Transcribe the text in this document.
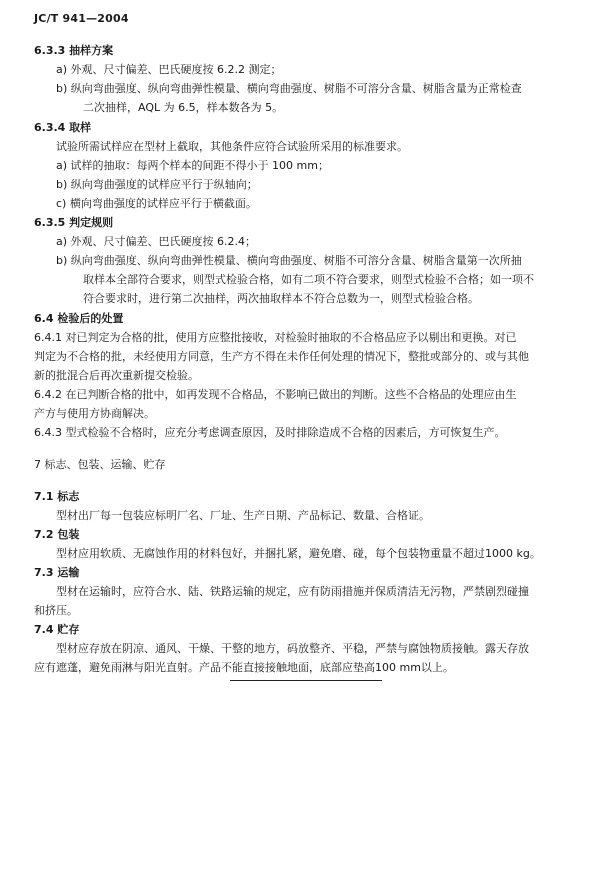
JC/T 941—2004
6.3.3 抽样方案
a) 外观、尺寸偏差、巴氏硬度按 6.2.2 测定；
b) 纵向弯曲强度、纵向弯曲弹性模量、横向弯曲强度、树脂不可溶分含量、树脂含量为正常检查
二次抽样，AQL 为 6.5，样本数各为 5。
6.3.4 取样
试验所需试样应在型材上截取，其他条件应符合试验所采用的标准要求。
a) 试样的抽取：每两个样本的间距不得小于 100 mm；
b) 纵向弯曲强度的试样应平行于纵轴向；
c) 横向弯曲强度的试样应平行于横截面。
6.3.5 判定规则
a) 外观、尺寸偏差、巴氏硬度按 6.2.4；
b) 纵向弯曲强度、纵向弯曲弹性模量、横向弯曲强度、树脂不可溶分含量、树脂含量第一次所抽
取样本全部符合要求，则型式检验合格，如有二项不符合要求，则型式检验不合格；如一项不
符合要求时，进行第二次抽样，两次抽取样本不符合总数为一，则型式检验合格。
6.4 检验后的处置
6.4.1 对已判定为合格的批，使用方应整批接收，对检验时抽取的不合格品应予以剔出和更换。对已
判定为不合格的批，未经使用方同意，生产方不得在未作任何处理的情况下，整批或部分的、或与其他
新的批混合后再次重新提交检验。
6.4.2 在已判断合格的批中，如再发现不合格品，不影响已做出的判断。这些不合格品的处理应由生
产方与使用方协商解决。
6.4.3 型式检验不合格时，应充分考虑调查原因，及时排除造成不合格的因素后，方可恢复生产。
7 标志、包装、运输、贮存
7.1 标志
型材出厂每一包装应标明厂名、厂址、生产日期、产品标记、数量、合格证。
7.2 包装
型材应用软质、无腐蚀作用的材料包好，并捆扎紧，避免磨、碰，每个包装物重量不超过1000 kg。
7.3 运输
型材在运输时，应符合水、陆、铁路运输的规定，应有防雨措施并保质清洁无污物，严禁剧烈碰撞
和挤压。
7.4 贮存
型材应存放在阴凉、通风、干燥、干整的地方，码放整齐、平稳，严禁与腐蚀物质接触。露天存放
应有遮蓬，避免雨淋与阳光直射。产品不能直接接触地面，底部应垫高100 mm以上。
